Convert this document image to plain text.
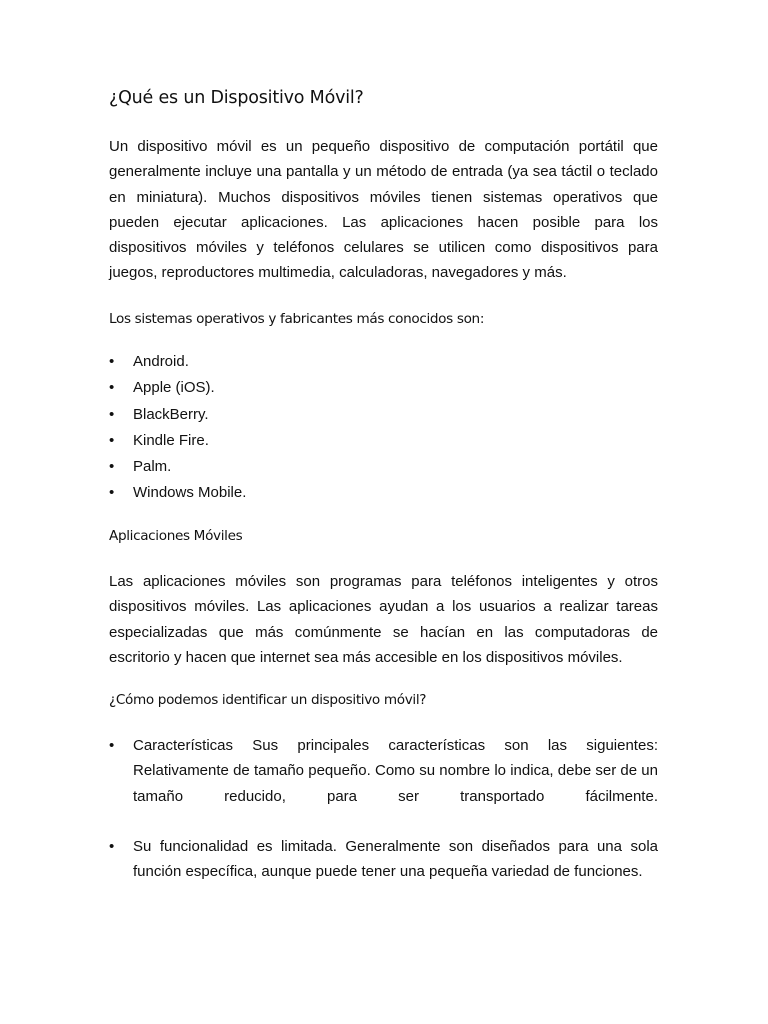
¿Qué es un Dispositivo Móvil?

Un dispositivo móvil es un pequeño dispositivo de computación portátil que generalmente incluye una pantalla y un método de entrada (ya sea táctil o teclado en miniatura). Muchos dispositivos móviles tienen sistemas operativos que pueden ejecutar aplicaciones. Las aplicaciones hacen posible para los dispositivos móviles y teléfonos celulares se utilicen como dispositivos para juegos, reproductores multimedia, calculadoras, navegadores y más.

Los sistemas operativos y fabricantes más conocidos son:
• Android.
• Apple (iOS).
• BlackBerry.
• Kindle Fire.
• Palm.
• Windows Mobile.
Aplicaciones Móviles

Las aplicaciones móviles son programas para teléfonos inteligentes y otros dispositivos móviles. Las aplicaciones ayudan a los usuarios a realizar tareas especializadas que más comúnmente se hacían en las computadoras de escritorio y hacen que internet sea más accesible en los dispositivos móviles.

¿Cómo podemos identificar un dispositivo móvil?
• Características Sus principales características son las siguientes: Relativamente de tamaño pequeño. Como su nombre lo indica, debe ser de un tamaño reducido, para ser transportado fácilmente.
• Su funcionalidad es limitada. Generalmente son diseñados para una sola función específica, aunque puede tener una pequeña variedad de funciones.
